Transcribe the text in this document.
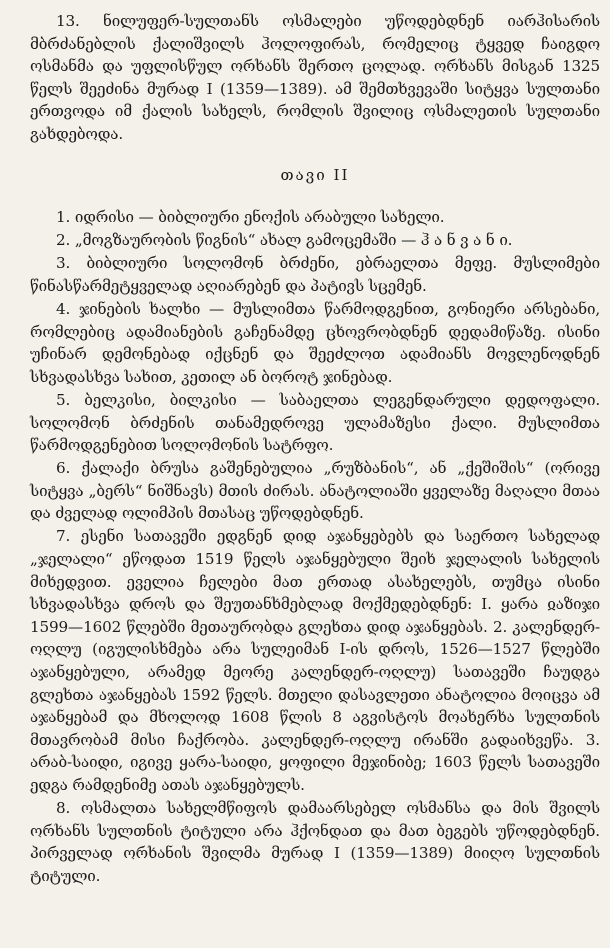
13. ნილუფერ-სულთანს ოსმალები უწოდებდნენ იარჰისარის მბრძანებლის ქალიშვილს ჰოლოფირას, რომელიც ტყვედ ჩაიგდო ოსმანმა და უფლისწულ ორხანს შერთო ცოლად. ორხანს მისგან 1325 წელს შეეძინა მურად I (1359—1389). ამ შემთხვევაში სიტყვა სულთანი ერთვოდა იმ ქალის სახელს, რომლის შვილიც ოსმალეთის სულთანი გახდებოდა.

თავი II

1. იდრისი — ბიბლიური ენოქის არაბული სახელი.

2. „მოგზაურობის წიგნის“ ახალ გამოცემაში — ჰ ა ნ ვ ა ნ ი.

3. ბიბლიური სოლომონ ბრძენი, ებრაელთა მეფე. მუსლიმები წინასწარმეტყველად აღიარებენ და პატივს სცემენ.

4. ჯინების ხალხი — მუსლიმთა წარმოდგენით, გონიერი არსებანი, რომლებიც ადამიანების გაჩენამდე ცხოვრობდნენ დედამიწაზე. ისინი უჩინარ დემონებად იქცნენ და შეეძლოთ ადამიანს მოვლენოდნენ სხვადასხვა სახით, კეთილ ან ბოროტ ჯინებად.

5. ბელკისი, ბილკისი — საბაელთა ლეგენდარული დედოფალი. სოლომონ ბრძენის თანამედროვე ულამაზესი ქალი. მუსლიმთა წარმოდგენებით სოლომონის სატრფო.

6. ქალაქი ბრუსა გაშენებულია „რუზბანის“, ან „ქეშიშის“ (ორივე სიტყვა „ბერს“ ნიშნავს) მთის ძირას. ანატოლიაში ყველაზე მაღალი მთაა და ძველად ოლიმპის მთასაც უწოდებდნენ.

7. ესენი სათავეში ედგნენ დიდ აჯანყებებს და საერთო სახელად „ჯელალი“ ეწოდათ 1519 წელს აჯანყებული შეიხ ჯელალის სახელის მიხედვით. ეველია ჩელები მათ ერთად ასახელებს, თუმცა ისინი სხვადასხვა დროს და შეუთანხმებლად მოქმედებდნენ: I. ყარა ჲაზიჯი 1599—1602 წლებში მეთაურობდა გლეხთა დიდ აჯანყებას. 2. კალენდერ-ოღლუ (იგულისხმება არა სულეიმან I-ის დროს, 1526—1527 წლებში აჯანყებული, არამედ მეორე კალენდერ-ოღლუ) სათავეში ჩაუდგა გლეხთა აჯანყებას 1592 წელს. მთელი დასავლეთი ანატოლია მოიცვა ამ აჯანყებამ და მხოლოდ 1608 წლის 8 აგვისტოს მოახერხა სულთნის მთავრობამ მისი ჩაქრობა. კალენდერ-ოღლუ ირანში გადაიხვეწა. 3. არაბ-საიდი, იგივე ყარა-საიდი, ყოფილი მეჯინიბე; 1603 წელს სათავეში ედგა რამდენიმე ათას აჯანყებულს.

8. ოსმალთა სახელმწიფოს დამაარსებელ ოსმანსა და მის შვილს ორხანს სულთნის ტიტული არა ჰქონდათ და მათ ბეგებს უწოდებდნენ. პირველად ორხანის შვილმა მურად I (1359—1389) მიიღო სულთნის ტიტული.
